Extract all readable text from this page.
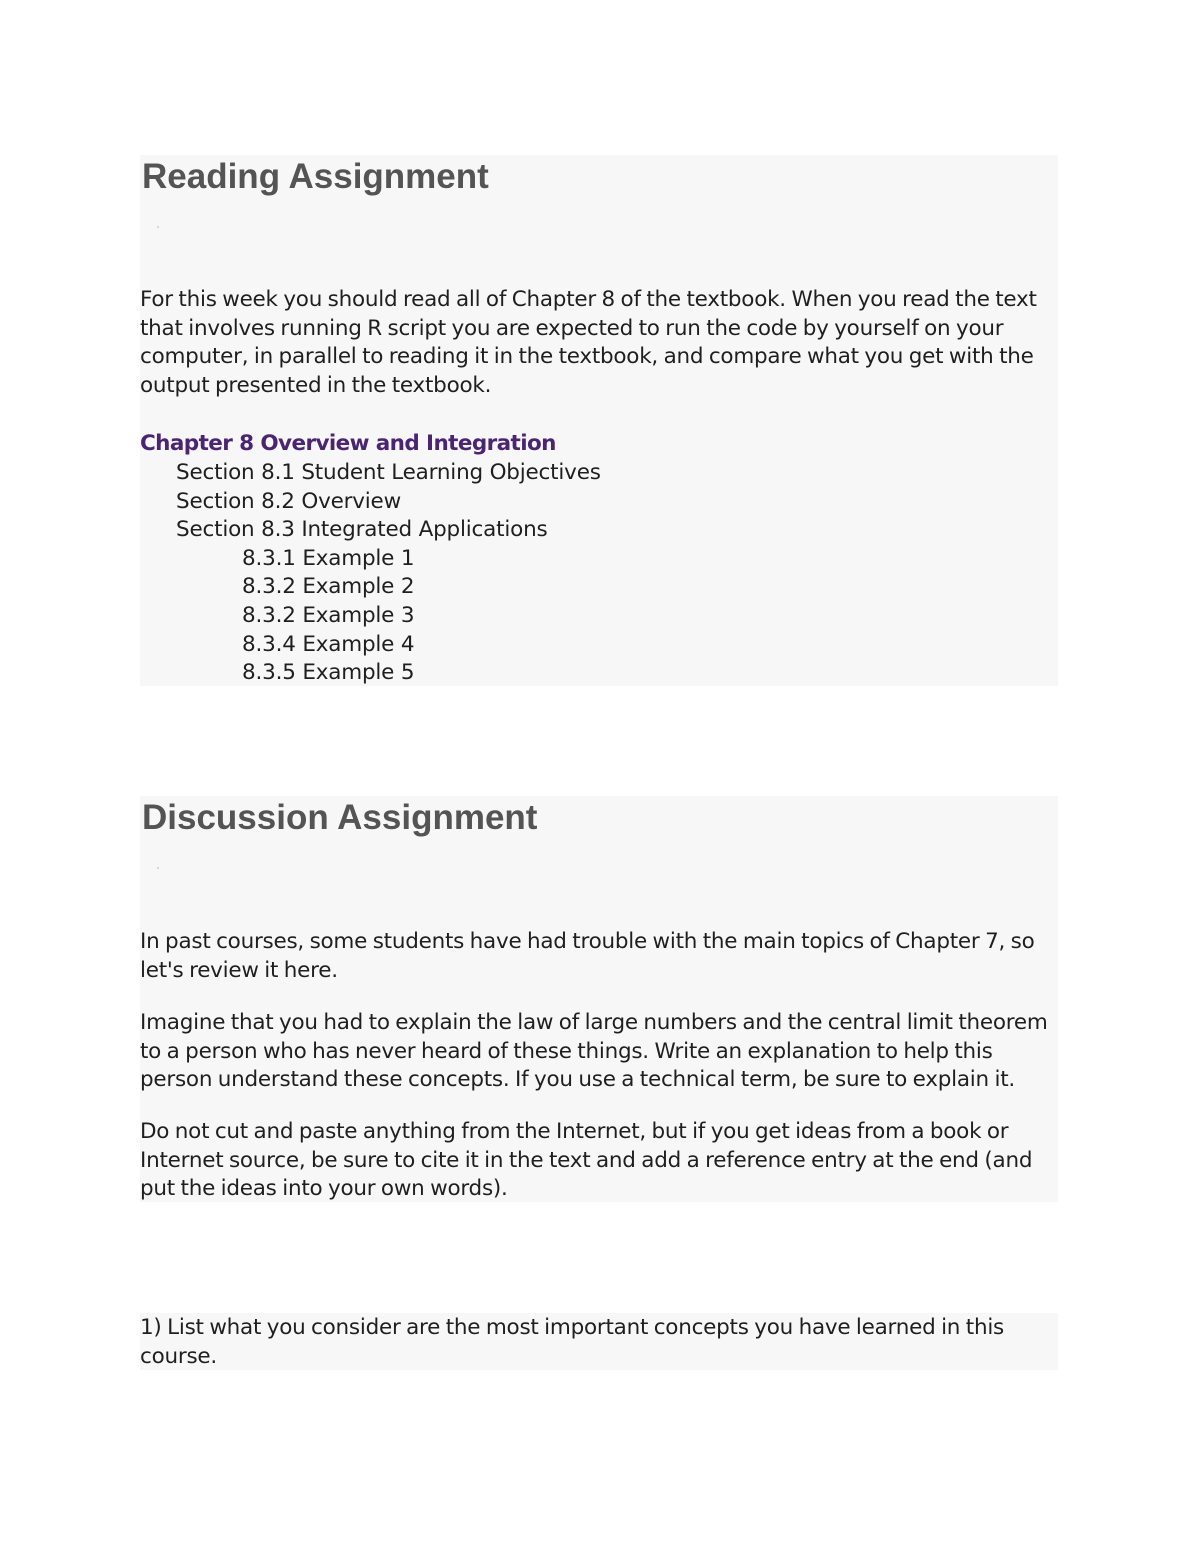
Reading Assignment

For this week you should read all of Chapter 8 of the textbook. When you read the text
that involves running R script you are expected to run the code by yourself on your
computer, in parallel to reading it in the textbook, and compare what you get with the
output presented in the textbook.

Chapter 8 Overview and Integration

Section 8.1 Student Learning Objectives
Section 8.2 Overview
Section 8.3 Integrated Applications
8.3.1 Example 1
8.3.2 Example 2
8.3.2 Example 3
8.3.4 Example 4
8.3.5 Example 5
Discussion Assignment

In past courses, some students have had trouble with the main topics of Chapter 7, so
let's review it here.

Imagine that you had to explain the law of large numbers and the central limit theorem
to a person who has never heard of these things. Write an explanation to help this
person understand these concepts. If you use a technical term, be sure to explain it.

Do not cut and paste anything from the Internet, but if you get ideas from a book or
Internet source, be sure to cite it in the text and add a reference entry at the end (and
put the ideas into your own words).

1) List what you consider are the most important concepts you have learned in this
course.
